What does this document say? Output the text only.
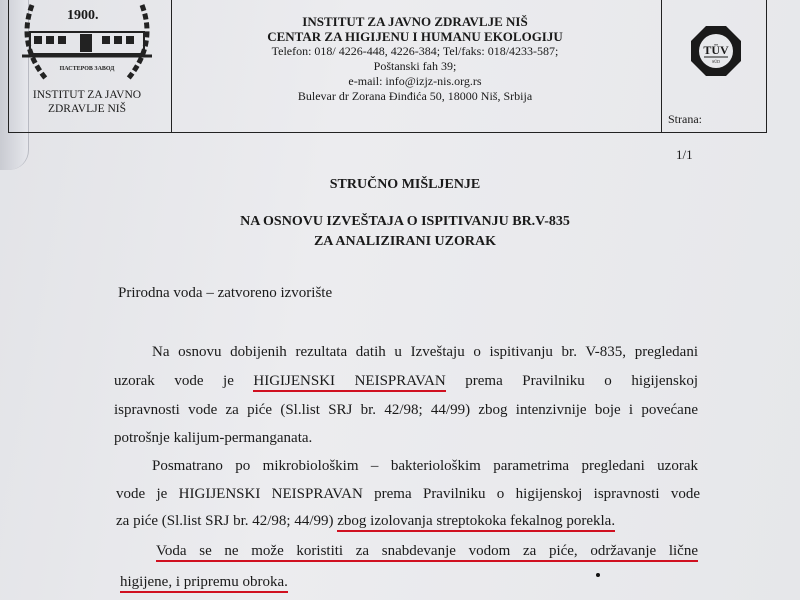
ПАСТЕРОВ ЗАВОД
1900.
INSTITUT ZA JAVNO
ZDRAVLJE NIŠ
INSTITUT ZA JAVNO ZDRAVLJE NIŠ
CENTAR ZA HIGIJENU I HUMANU EKOLOGIJU
Telefon: 018/ 4226-448, 4226-384; Tel/faks: 018/4233-587;
Poštanski fah 39;
e-mail: info@izjz-nis.org.rs
Bulevar dr Zorana Đinđića 50, 18000 Niš, Srbija
TÜV
SÜD
Strana:
1/1
STRUČNO MIŠLJENJE
NA OSNOVU IZVEŠTAJA O ISPITIVANJU BR.V-835
ZA ANALIZIRANI UZORAK
Prirodna voda – zatvoreno izvorište
Na osnovu dobijenih rezultata datih u Izveštaju o ispitivanju br. V-835, pregledani
uzorak vode je HIGIJENSKI NEISPRAVAN prema Pravilniku o higijenskoj
ispravnosti vode za piće (Sl.list SRJ br. 42/98; 44/99) zbog intenzivnije boje i povećane
potrošnje kalijum-permanganata.
Posmatrano po mikrobiološkim – bakteriološkim parametrima pregledani uzorak
vode je HIGIJENSKI NEISPRAVAN prema Pravilniku o higijenskoj ispravnosti vode
za piće (Sl.list SRJ br. 42/98; 44/99) zbog izolovanja streptokoka fekalnog porekla.
Voda se ne može koristiti za snabdevanje vodom za piće, održavanje lične
higijene, i pripremu obroka.
